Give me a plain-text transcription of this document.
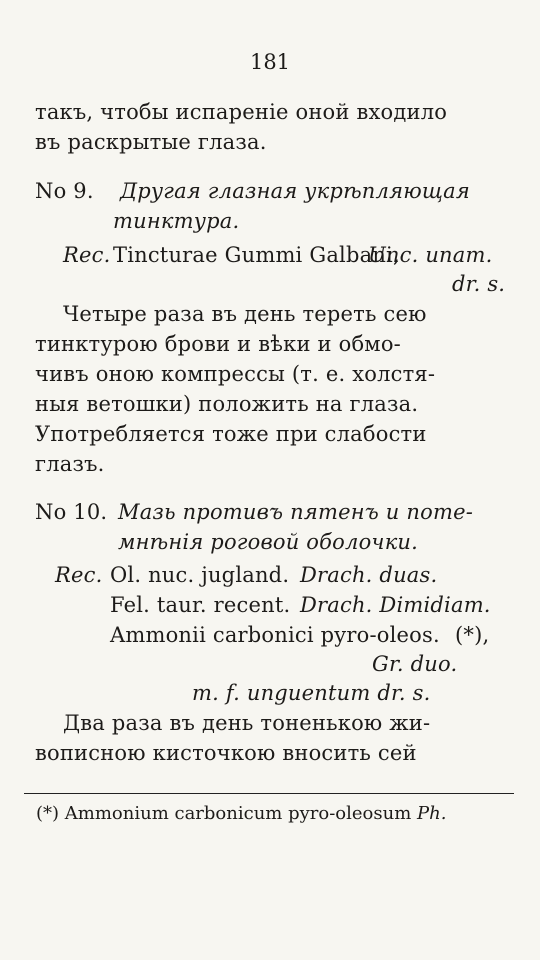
181
такъ, чтобы испареніе оной входило
въ раскрытые глаза.
No 9. Другая глазная укрѣпляющая
тинктура.
Rec. Tincturae Gummi Galbani,
Unc. unam.
dr. s.
Четыре раза въ день тереть сею
тинктурою брови и вѣки и обмо-
чивъ оною компрессы (т. е. холстя-
ныя ветошки) положить на глаза.
Употребляется тоже при слабости
глазъ.
No 10. Мазь противъ пятенъ и поте-
мнѣнія роговой оболочки.
Rec. Ol. nuc. jugland. Drach. duas.
Fel. taur. recent. Drach. Dimidiam.
Ammonii carbonici pyro-oleos. (*),
Gr. duo.
m. f. unguentum dr. s.
Два раза въ день тоненькою жи-
вописною кисточкою вносить сей
(*) Ammonium carbonicum pyro-oleosum Ph.
